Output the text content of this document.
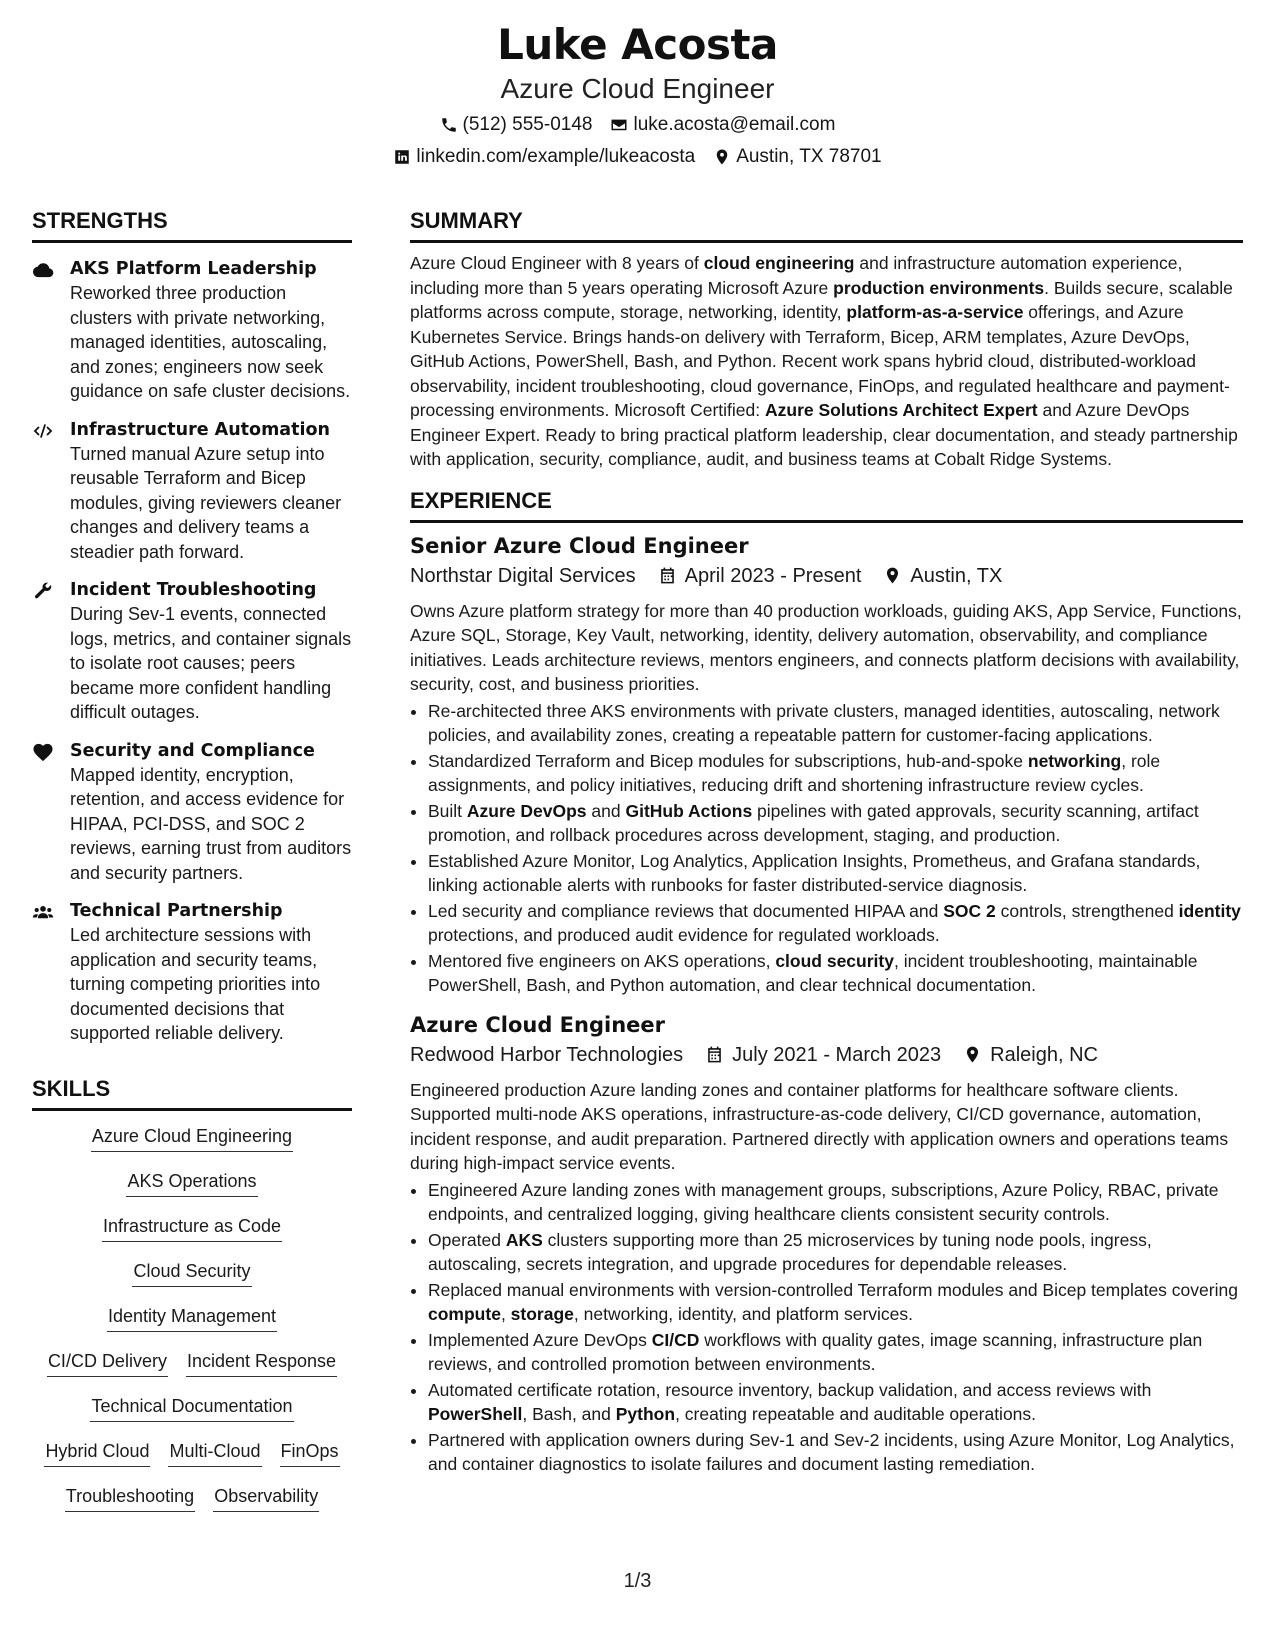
Luke Acosta
Azure Cloud Engineer
(512) 555-0148 luke.acosta@email.com
linkedin.com/example/lukeacosta Austin, TX 78701
STRENGTHS
AKS Platform Leadership
Reworked three production clusters with private networking, managed identities, autoscaling, and zones; engineers now seek guidance on safe cluster decisions.
Infrastructure Automation
Turned manual Azure setup into reusable Terraform and Bicep modules, giving reviewers cleaner changes and delivery teams a steadier path forward.
Incident Troubleshooting
During Sev-1 events, connected logs, metrics, and container signals to isolate root causes; peers became more confident handling difficult outages.
Security and Compliance
Mapped identity, encryption, retention, and access evidence for HIPAA, PCI-DSS, and SOC 2 reviews, earning trust from auditors and security partners.
Technical Partnership
Led architecture sessions with application and security teams, turning competing priorities into documented decisions that supported reliable delivery.
SKILLS
Azure Cloud Engineering
AKS Operations
Infrastructure as Code
Cloud Security
Identity Management
CI/CD Delivery Incident Response
Technical Documentation
Hybrid Cloud Multi-Cloud FinOps
Troubleshooting Observability
SUMMARY
Azure Cloud Engineer with 8 years of cloud engineering and infrastructure automation experience, including more than 5 years operating Microsoft Azure production environments. Builds secure, scalable platforms across compute, storage, networking, identity, platform-as-a-service offerings, and Azure Kubernetes Service. Brings hands-on delivery with Terraform, Bicep, ARM templates, Azure DevOps, GitHub Actions, PowerShell, Bash, and Python. Recent work spans hybrid cloud, distributed-workload observability, incident troubleshooting, cloud governance, FinOps, and regulated healthcare and payment-processing environments. Microsoft Certified: Azure Solutions Architect Expert and Azure DevOps Engineer Expert. Ready to bring practical platform leadership, clear documentation, and steady partnership with application, security, compliance, audit, and business teams at Cobalt Ridge Systems.
EXPERIENCE
Senior Azure Cloud Engineer
Northstar Digital Services April 2023 - Present Austin, TX
Owns Azure platform strategy for more than 40 production workloads, guiding AKS, App Service, Functions, Azure SQL, Storage, Key Vault, networking, identity, delivery automation, observability, and compliance initiatives. Leads architecture reviews, mentors engineers, and connects platform decisions with availability, security, cost, and business priorities.
• Re-architected three AKS environments with private clusters, managed identities, autoscaling, network policies, and availability zones, creating a repeatable pattern for customer-facing applications.
• Standardized Terraform and Bicep modules for subscriptions, hub-and-spoke networking, role assignments, and policy initiatives, reducing drift and shortening infrastructure review cycles.
• Built Azure DevOps and GitHub Actions pipelines with gated approvals, security scanning, artifact promotion, and rollback procedures across development, staging, and production.
• Established Azure Monitor, Log Analytics, Application Insights, Prometheus, and Grafana standards, linking actionable alerts with runbooks for faster distributed-service diagnosis.
• Led security and compliance reviews that documented HIPAA and SOC 2 controls, strengthened identity protections, and produced audit evidence for regulated workloads.
• Mentored five engineers on AKS operations, cloud security, incident troubleshooting, maintainable PowerShell, Bash, and Python automation, and clear technical documentation.
Azure Cloud Engineer
Redwood Harbor Technologies July 2021 - March 2023 Raleigh, NC
Engineered production Azure landing zones and container platforms for healthcare software clients. Supported multi-node AKS operations, infrastructure-as-code delivery, CI/CD governance, automation, incident response, and audit preparation. Partnered directly with application owners and operations teams during high-impact service events.
• Engineered Azure landing zones with management groups, subscriptions, Azure Policy, RBAC, private endpoints, and centralized logging, giving healthcare clients consistent security controls.
• Operated AKS clusters supporting more than 25 microservices by tuning node pools, ingress, autoscaling, secrets integration, and upgrade procedures for dependable releases.
• Replaced manual environments with version-controlled Terraform modules and Bicep templates covering compute, storage, networking, identity, and platform services.
• Implemented Azure DevOps CI/CD workflows with quality gates, image scanning, infrastructure plan reviews, and controlled promotion between environments.
• Automated certificate rotation, resource inventory, backup validation, and access reviews with PowerShell, Bash, and Python, creating repeatable and auditable operations.
• Partnered with application owners during Sev-1 and Sev-2 incidents, using Azure Monitor, Log Analytics, and container diagnostics to isolate failures and document lasting remediation.
1/3
